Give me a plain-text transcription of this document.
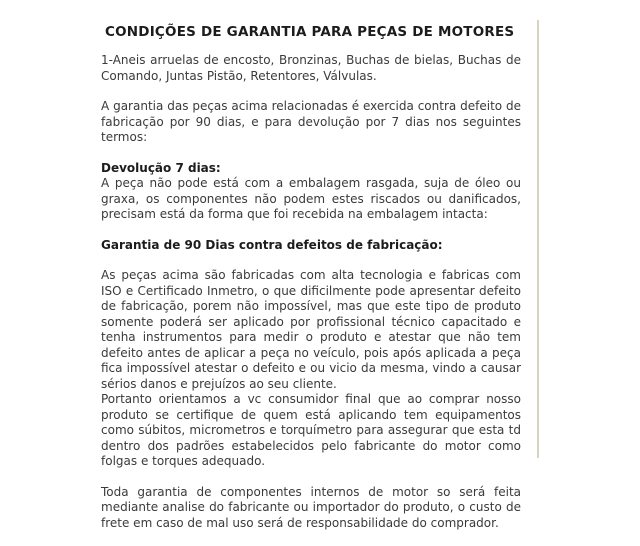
CONDIÇÕES DE GARANTIA PARA PEÇAS DE MOTORES

1-Aneis arruelas de encosto, Bronzinas, Buchas de bielas, Buchas de Comando, Juntas Pistão, Retentores, Válvulas.

A garantia das peças acima relacionadas é exercida contra defeito de fabricação por 90 dias, e para devolução por 7 dias nos seguintes termos:

Devolução 7 dias:

A peça não pode está com a embalagem rasgada, suja de óleo ou graxa, os componentes não podem estes riscados ou danificados, precisam está da forma que foi recebida na embalagem intacta:

Garantia de 90 Dias contra defeitos de fabricação:

As peças acima são fabricadas com alta tecnologia e fabricas com ISO e Certificado Inmetro, o que dificilmente pode apresentar defeito de fabricação, porem não impossível, mas que este tipo de produto somente poderá ser aplicado por profissional técnico capacitado e tenha instrumentos para medir o produto e atestar que não tem defeito antes de aplicar a peça no veículo, pois após aplicada a peça fica impossível atestar o defeito e ou vicio da mesma, vindo a causar sérios danos e prejuízos ao seu cliente.

Portanto orientamos a vc consumidor final que ao comprar nosso produto se certifique de quem está aplicando tem equipamentos como súbitos, micrometros e torquímetro para assegurar que esta td dentro dos padrões estabelecidos pelo fabricante do motor como folgas e torques adequado.

Toda garantia de componentes internos de motor so será feita mediante analise do fabricante ou importador do produto, o custo de frete em caso de mal uso será de responsabilidade do comprador.
